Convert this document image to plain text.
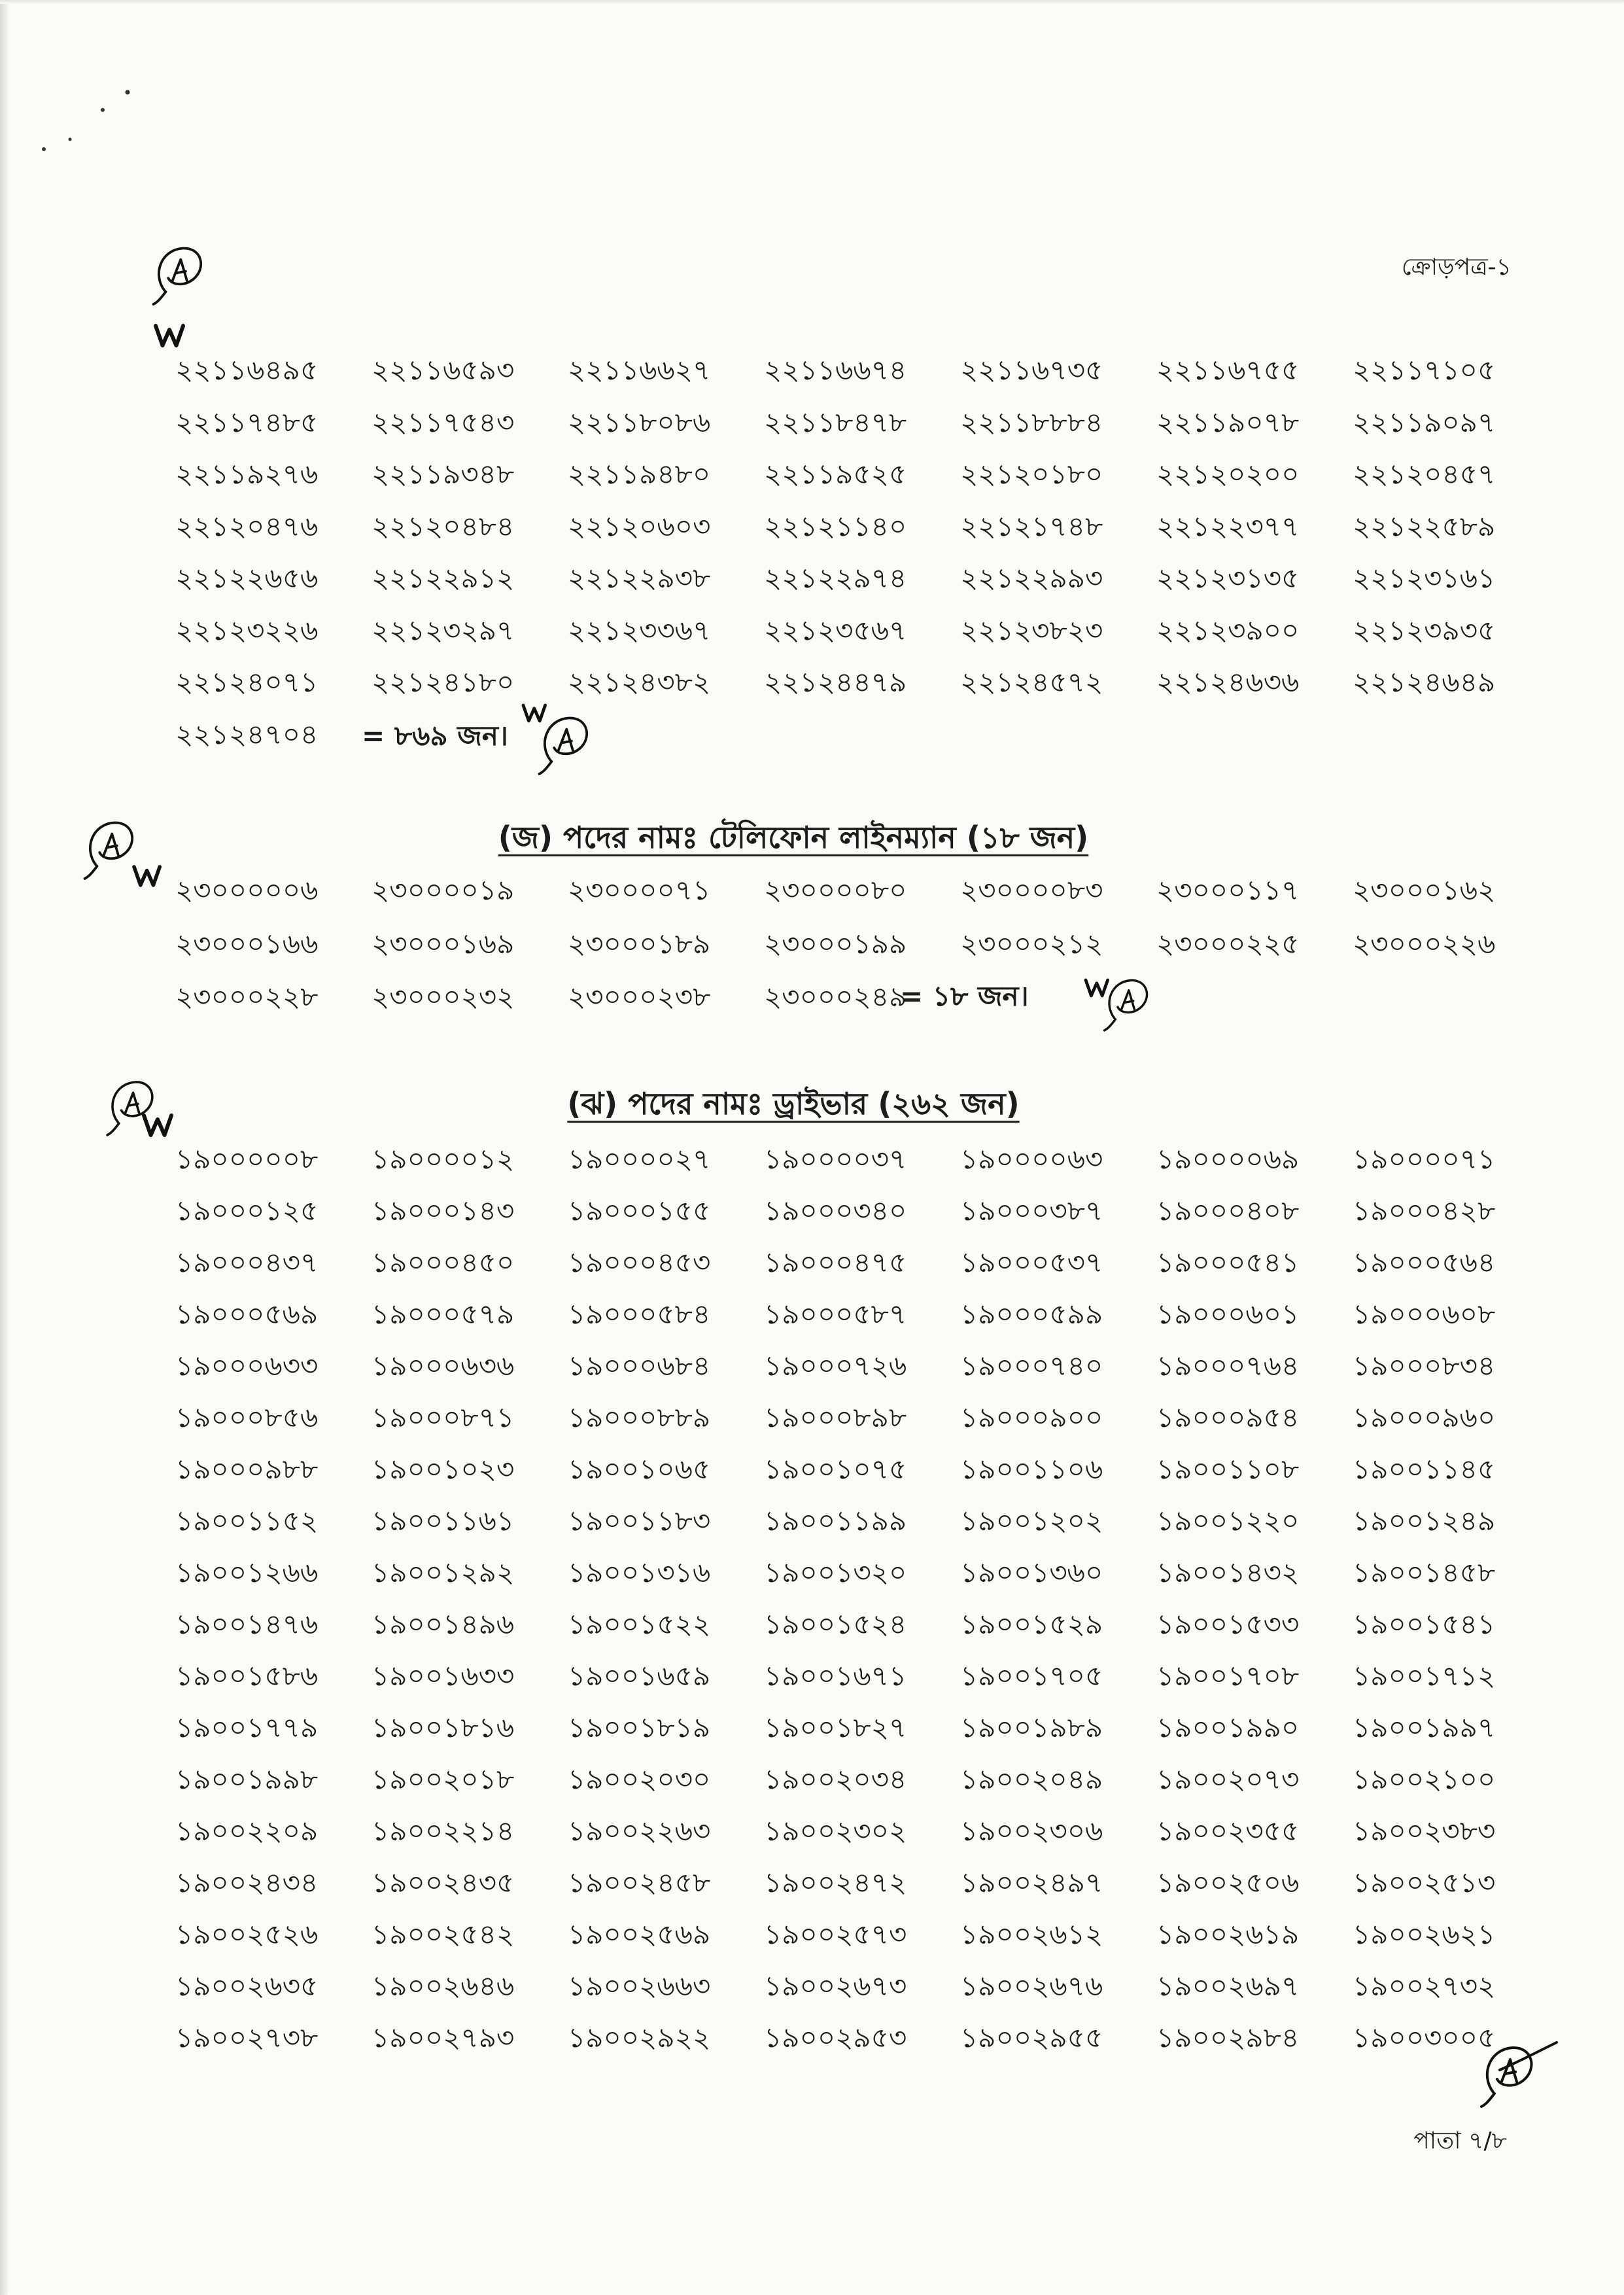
ক্রোড়পত্র-১
২২১১৬৪৯৫	২২১১৬৫৯৩	২২১১৬৬২৭	২২১১৬৬৭৪	২২১১৬৭৩৫	২২১১৬৭৫৫	২২১১৭১০৫
২২১১৭৪৮৫	২২১১৭৫৪৩	২২১১৮০৮৬	২২১১৮৪৭৮	২২১১৮৮৮৪	২২১১৯০৭৮	২২১১৯০৯৭
২২১১৯২৭৬	২২১১৯৩৪৮	২২১১৯৪৮০	২২১১৯৫২৫	২২১২০১৮০	২২১২০২০০	২২১২০৪৫৭
২২১২০৪৭৬	২২১২০৪৮৪	২২১২০৬০৩	২২১২১১৪০	২২১২১৭৪৮	২২১২২৩৭৭	২২১২২৫৮৯
২২১২২৬৫৬	২২১২২৯১২	২২১২২৯৩৮	২২১২২৯৭৪	২২১২২৯৯৩	২২১২৩১৩৫	২২১২৩১৬১
২২১২৩২২৬	২২১২৩২৯৭	২২১২৩৩৬৭	২২১২৩৫৬৭	২২১২৩৮২৩	২২১২৩৯০০	২২১২৩৯৩৫
২২১২৪০৭১	২২১২৪১৮০	২২১২৪৩৮২	২২১২৪৪৭৯	২২১২৪৫৭২	২২১২৪৬৩৬	২২১২৪৬৪৯
২২১২৪৭০৪	= ৮৬৯ জন।
(জ) পদের নামঃ টেলিফোন লাইনম্যান (১৮ জন)
২৩০০০০০৬	২৩০০০০১৯	২৩০০০০৭১	২৩০০০০৮০	২৩০০০০৮৩	২৩০০০১১৭	২৩০০০১৬২
২৩০০০১৬৬	২৩০০০১৬৯	২৩০০০১৮৯	২৩০০০১৯৯	২৩০০০২১২	২৩০০০২২৫	২৩০০০২২৬
২৩০০০২২৮	২৩০০০২৩২	২৩০০০২৩৮	২৩০০০২৪৯
= ১৮ জন।
(ঝ) পদের নামঃ ড্রাইভার (২৬২ জন)
১৯০০০০০৮	১৯০০০০১২	১৯০০০০২৭	১৯০০০০৩৭	১৯০০০০৬৩	১৯০০০০৬৯	১৯০০০০৭১
১৯০০০১২৫	১৯০০০১৪৩	১৯০০০১৫৫	১৯০০০৩৪০	১৯০০০৩৮৭	১৯০০০৪০৮	১৯০০০৪২৮
১৯০০০৪৩৭	১৯০০০৪৫০	১৯০০০৪৫৩	১৯০০০৪৭৫	১৯০০০৫৩৭	১৯০০০৫৪১	১৯০০০৫৬৪
১৯০০০৫৬৯	১৯০০০৫৭৯	১৯০০০৫৮৪	১৯০০০৫৮৭	১৯০০০৫৯৯	১৯০০০৬০১	১৯০০০৬০৮
১৯০০০৬৩৩	১৯০০০৬৩৬	১৯০০০৬৮৪	১৯০০০৭২৬	১৯০০০৭৪০	১৯০০০৭৬৪	১৯০০০৮৩৪
১৯০০০৮৫৬	১৯০০০৮৭১	১৯০০০৮৮৯	১৯০০০৮৯৮	১৯০০০৯০০	১৯০০০৯৫৪	১৯০০০৯৬০
১৯০০০৯৮৮	১৯০০১০২৩	১৯০০১০৬৫	১৯০০১০৭৫	১৯০০১১০৬	১৯০০১১০৮	১৯০০১১৪৫
১৯০০১১৫২	১৯০০১১৬১	১৯০০১১৮৩	১৯০০১১৯৯	১৯০০১২০২	১৯০০১২২০	১৯০০১২৪৯
১৯০০১২৬৬	১৯০০১২৯২	১৯০০১৩১৬	১৯০০১৩২০	১৯০০১৩৬০	১৯০০১৪৩২	১৯০০১৪৫৮
১৯০০১৪৭৬	১৯০০১৪৯৬	১৯০০১৫২২	১৯০০১৫২৪	১৯০০১৫২৯	১৯০০১৫৩৩	১৯০০১৫৪১
১৯০০১৫৮৬	১৯০০১৬৩৩	১৯০০১৬৫৯	১৯০০১৬৭১	১৯০০১৭০৫	১৯০০১৭০৮	১৯০০১৭১২
১৯০০১৭৭৯	১৯০০১৮১৬	১৯০০১৮১৯	১৯০০১৮২৭	১৯০০১৯৮৯	১৯০০১৯৯০	১৯০০১৯৯৭
১৯০০১৯৯৮	১৯০০২০১৮	১৯০০২০৩০	১৯০০২০৩৪	১৯০০২০৪৯	১৯০০২০৭৩	১৯০০২১০০
১৯০০২২০৯	১৯০০২২১৪	১৯০০২২৬৩	১৯০০২৩০২	১৯০০২৩০৬	১৯০০২৩৫৫	১৯০০২৩৮৩
১৯০০২৪৩৪	১৯০০২৪৩৫	১৯০০২৪৫৮	১৯০০২৪৭২	১৯০০২৪৯৭	১৯০০২৫০৬	১৯০০২৫১৩
১৯০০২৫২৬	১৯০০২৫৪২	১৯০০২৫৬৯	১৯০০২৫৭৩	১৯০০২৬১২	১৯০০২৬১৯	১৯০০২৬২১
১৯০০২৬৩৫	১৯০০২৬৪৬	১৯০০২৬৬৩	১৯০০২৬৭৩	১৯০০২৬৭৬	১৯০০২৬৯৭	১৯০০২৭৩২
১৯০০২৭৩৮	১৯০০২৭৯৩	১৯০০২৯২২	১৯০০২৯৫৩	১৯০০২৯৫৫	১৯০০২৯৮৪	১৯০০৩০০৫
পাতা ৭/৮
